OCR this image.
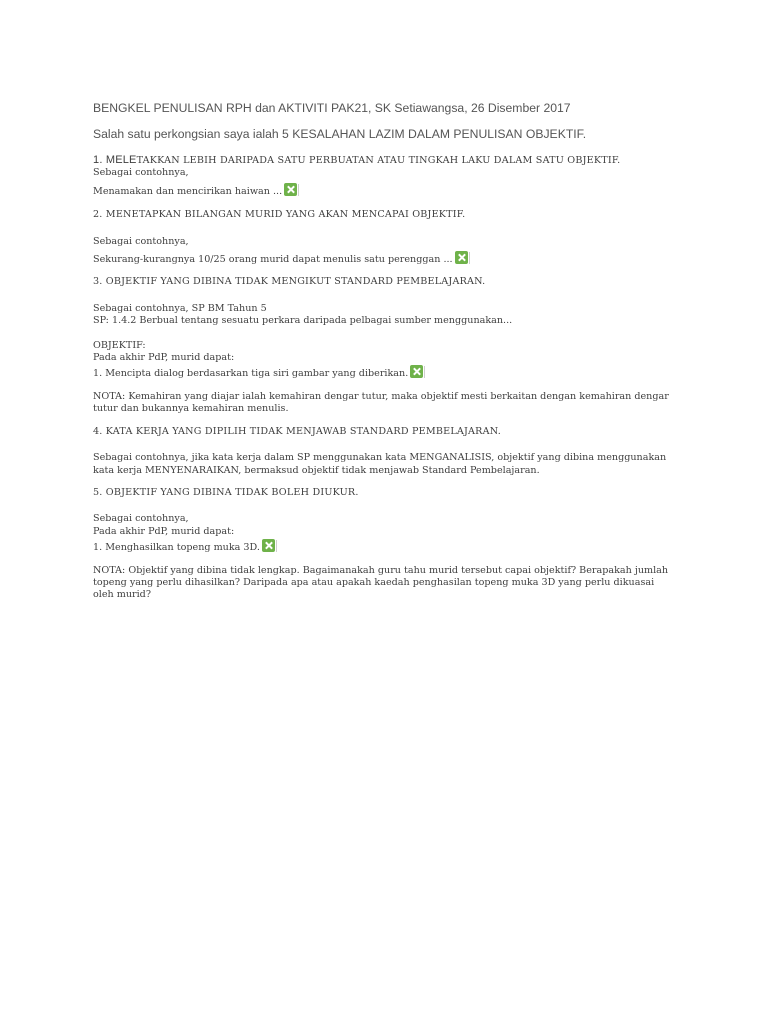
BENGKEL PENULISAN RPH dan AKTIVITI PAK21, SK Setiawangsa, 26 Disember 2017
Salah satu perkongsian saya ialah 5 KESALAHAN LAZIM DALAM PENULISAN OBJEKTIF.
1. MELETAKKAN LEBIH DARIPADA SATU PERBUATAN ATAU TINGKAH LAKU DALAM SATU OBJEKTIF.
Sebagai contohnya,
Menamakan dan mencirikan haiwan ...
2. MENETAPKAN BILANGAN MURID YANG AKAN MENCAPAI OBJEKTIF.
Sebagai contohnya,
Sekurang-kurangnya 10/25 orang murid dapat menulis satu perenggan ...
3. OBJEKTIF YANG DIBINA TIDAK MENGIKUT STANDARD PEMBELAJARAN.
Sebagai contohnya, SP BM Tahun 5
SP: 1.4.2 Berbual tentang sesuatu perkara daripada pelbagai sumber menggunakan...
OBJEKTIF:
Pada akhir PdP, murid dapat:
1. Mencipta dialog berdasarkan tiga siri gambar yang diberikan.
NOTA: Kemahiran yang diajar ialah kemahiran dengar tutur, maka objektif mesti berkaitan dengan kemahiran dengar
tutur dan bukannya kemahiran menulis.
4. KATA KERJA YANG DIPILIH TIDAK MENJAWAB STANDARD PEMBELAJARAN.
Sebagai contohnya, jika kata kerja dalam SP menggunakan kata MENGANALISIS, objektif yang dibina menggunakan
kata kerja MENYENARAIKAN, bermaksud objektif tidak menjawab Standard Pembelajaran.
5. OBJEKTIF YANG DIBINA TIDAK BOLEH DIUKUR.
Sebagai contohnya,
Pada akhir PdP, murid dapat:
1. Menghasilkan topeng muka 3D.
NOTA: Objektif yang dibina tidak lengkap. Bagaimanakah guru tahu murid tersebut capai objektif? Berapakah jumlah
topeng yang perlu dihasilkan? Daripada apa atau apakah kaedah penghasilan topeng muka 3D yang perlu dikuasai
oleh murid?
